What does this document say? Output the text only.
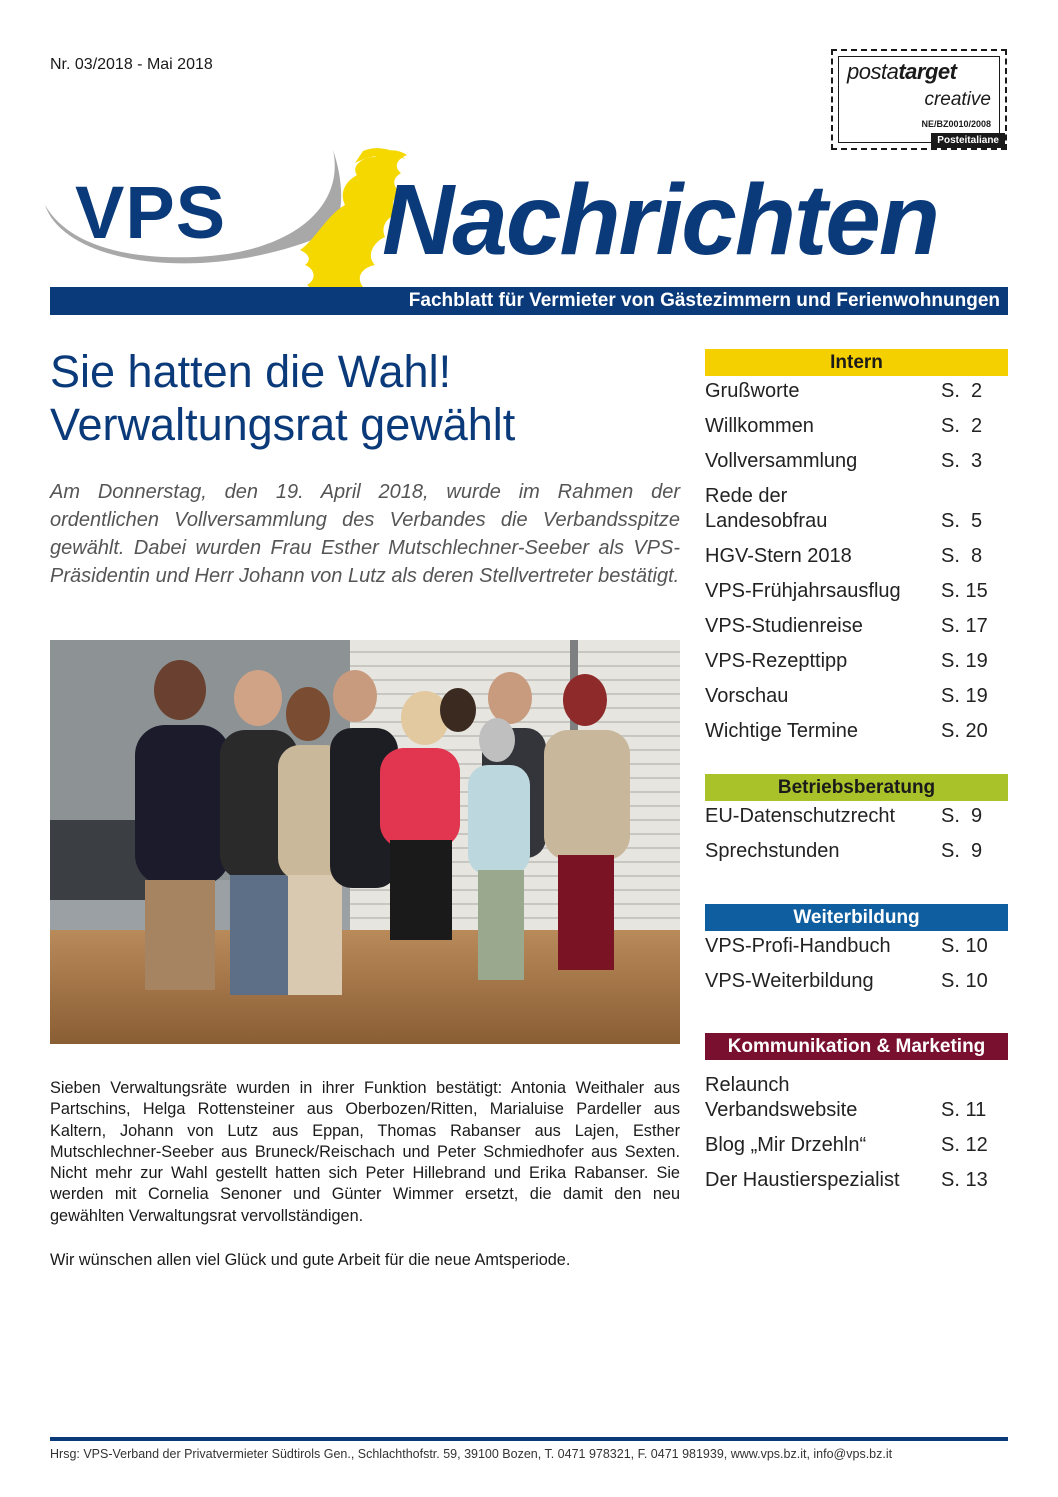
Nr. 03/2018 - Mai 2018	postatarget
creative
NE/BZ0010/2008
Posteitaliane
VPS Nachrichten
Fachblatt für Vermieter von Gästezimmern und Ferienwohnungen
Sie hatten die Wahl!
Verwaltungsrat gewählt

Am Donnerstag, den 19. April 2018, wurde im Rahmen der ordentlichen Vollversammlung des Verbandes die Verbandsspitze gewählt. Dabei wurden Frau Esther Mutschlechner-Seeber als VPS-Präsidentin und Herr Johann von Lutz als deren Stellvertreter bestätigt.

Sieben Verwaltungsräte wurden in ihrer Funktion bestätigt: Antonia Weithaler aus Partschins, Helga Rottensteiner aus Oberbozen/Ritten, Marialuise Pardeller aus Kaltern, Johann von Lutz aus Eppan, Thomas Rabanser aus Lajen, Esther Mutschlechner-Seeber aus Bruneck/Reischach und Peter Schmiedhofer aus Sexten. Nicht mehr zur Wahl gestellt hatten sich Peter Hillebrand und Erika Rabanser. Sie werden mit Cornelia Senoner und Günter Wimmer ersetzt, die damit den neu gewählten Verwaltungsrat vervollständigen.

Wir wünschen allen viel Glück und gute Arbeit für die neue Amtsperiode.

Intern
Grußworte	S.  2
Willkommen	S.  2
Vollversammlung	S.  3
Rede der Landesobfrau	S.  5
HGV-Stern 2018	S.  8
VPS-Frühjahrsausflug	S. 15
VPS-Studienreise	S. 17
VPS-Rezepttipp	S. 19
Vorschau	S. 19
Wichtige Termine	S. 20
Betriebsberatung
EU-Datenschutzrecht	S.  9
Sprechstunden	S.  9
Weiterbildung
VPS-Profi-Handbuch	S. 10
VPS-Weiterbildung	S. 10
Kommunikation & Marketing
Relaunch Verbandswebsite	S. 11
Blog „Mir Drzehln“	S. 12
Der Haustierspezialist	S. 13
Hrsg: VPS-Verband der Privatvermieter Südtirols Gen., Schlachthofstr. 59, 39100 Bozen, T. 0471 978321, F. 0471 981939, www.vps.bz.it, info@vps.bz.it
